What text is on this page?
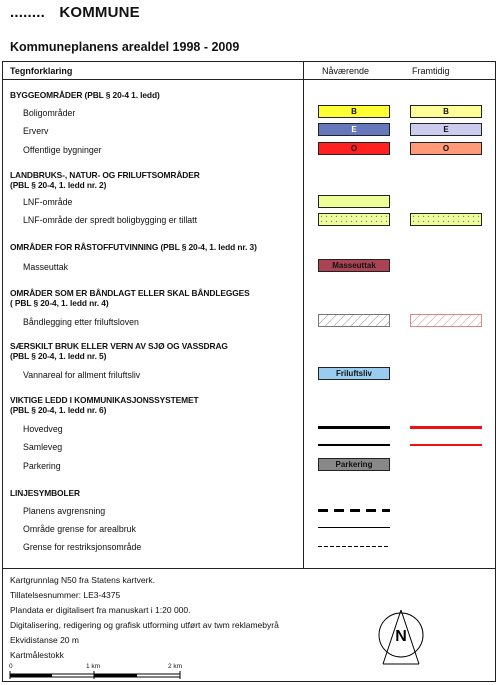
........ KOMMUNE
Kommuneplanens arealdel 1998 - 2009
Tegnforklaring	Nåværende	Framtidig
BYGGEOMRÅDER (PBL § 20-4 1. ledd)
Boligområder	B	B
Erverv	E	E
Offentlige bygninger	O	O
LANDBRUKS-, NATUR- OG FRILUFTSOMRÅDER
(PBL § 20-4, 1. ledd nr. 2)
LNF-område
LNF-område der spredt boligbygging er tillatt
OMRÅDER FOR RÅSTOFFUTVINNING (PBL § 20-4, 1. ledd nr. 3)
Masseuttak	Masseuttak
OMRÅDER SOM ER BÅNDLAGT ELLER SKAL BÅNDLEGGES
( PBL § 20-4, 1. ledd nr. 4)
Båndlegging etter friluftsloven
SÆRSKILT BRUK ELLER VERN AV SJØ OG VASSDRAG
(PBL § 20-4, 1. ledd nr. 5)
Vannareal for allment friluftsliv	Friluftsliv
VIKTIGE LEDD I KOMMUNIKASJONSSYSTEMET
(PBL § 20-4, 1. ledd nr. 6)
Hovedveg
Samleveg
Parkering	Parkering
LINJESYMBOLER
Planens avgrensning
Område grense for arealbruk
Grense for restriksjonsområde
Kartgrunnlag N50 fra Statens kartverk.
Tillatelsesnummer: LE3-4375
Plandata er digitalisert fra manuskart i 1:20 000.
Digitalisering, redigering og grafisk utforming utført av twm reklamebyrå
Ekvidistanse 20 m
Kartmålestokk
0	1 km	2 km
N
